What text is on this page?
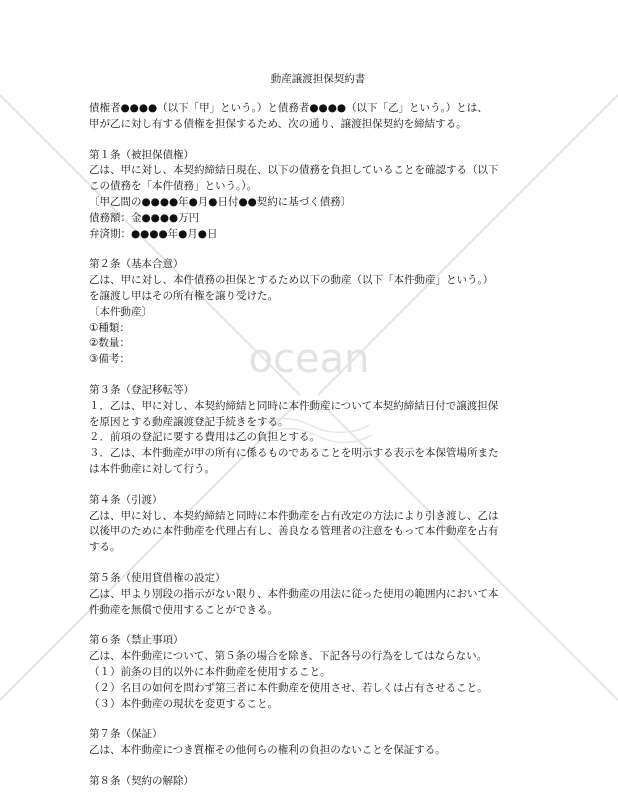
ocean
動産譲渡担保契約書
債権者●●●●（以下「甲」という。）と債務者●●●●（以下「乙」という。）とは、
甲が乙に対し有する債権を担保するため、次の通り、譲渡担保契約を締結する。
第１条（被担保債権）
乙は、甲に対し、本契約締結日現在、以下の債務を負担していることを確認する（以下
この債務を「本件債務」という。）。
〔甲乙間の●●●●年●月●日付●●契約に基づく債務〕
債務額：金●●●●万円
弁済期：●●●●年●月●日
第２条（基本合意）
乙は、甲に対し、本件債務の担保とするため以下の動産（以下「本件動産」という。）
を譲渡し甲はその所有権を譲り受けた。
〔本件動産〕
①種類：
②数量：
③備考：
第３条（登記移転等）
１．乙は、甲に対し、本契約締結と同時に本件動産について本契約締結日付で譲渡担保
を原因とする動産譲渡登記手続きをする。
２．前項の登記に要する費用は乙の負担とする。
３．乙は、本件動産が甲の所有に係るものであることを明示する表示を本保管場所また
は本件動産に対して行う。
第４条（引渡）
乙は、甲に対し、本契約締結と同時に本件動産を占有改定の方法により引き渡し、乙は
以後甲のために本件動産を代理占有し、善良なる管理者の注意をもって本件動産を占有
する。
第５条（使用貸借権の設定）
乙は、甲より別段の指示がない限り、本件動産の用法に従った使用の範囲内において本
件動産を無償で使用することができる。
第６条（禁止事項）
乙は、本件動産について、第５条の場合を除き、下記各号の行為をしてはならない。
（１）前条の目的以外に本件動産を使用すること。
（２）名目の如何を問わず第三者に本件動産を使用させ、若しくは占有させること。
（３）本件動産の現状を変更すること。
第７条（保証）
乙は、本件動産につき質権その他何らの権利の負担のないことを保証する。
第８条（契約の解除）
